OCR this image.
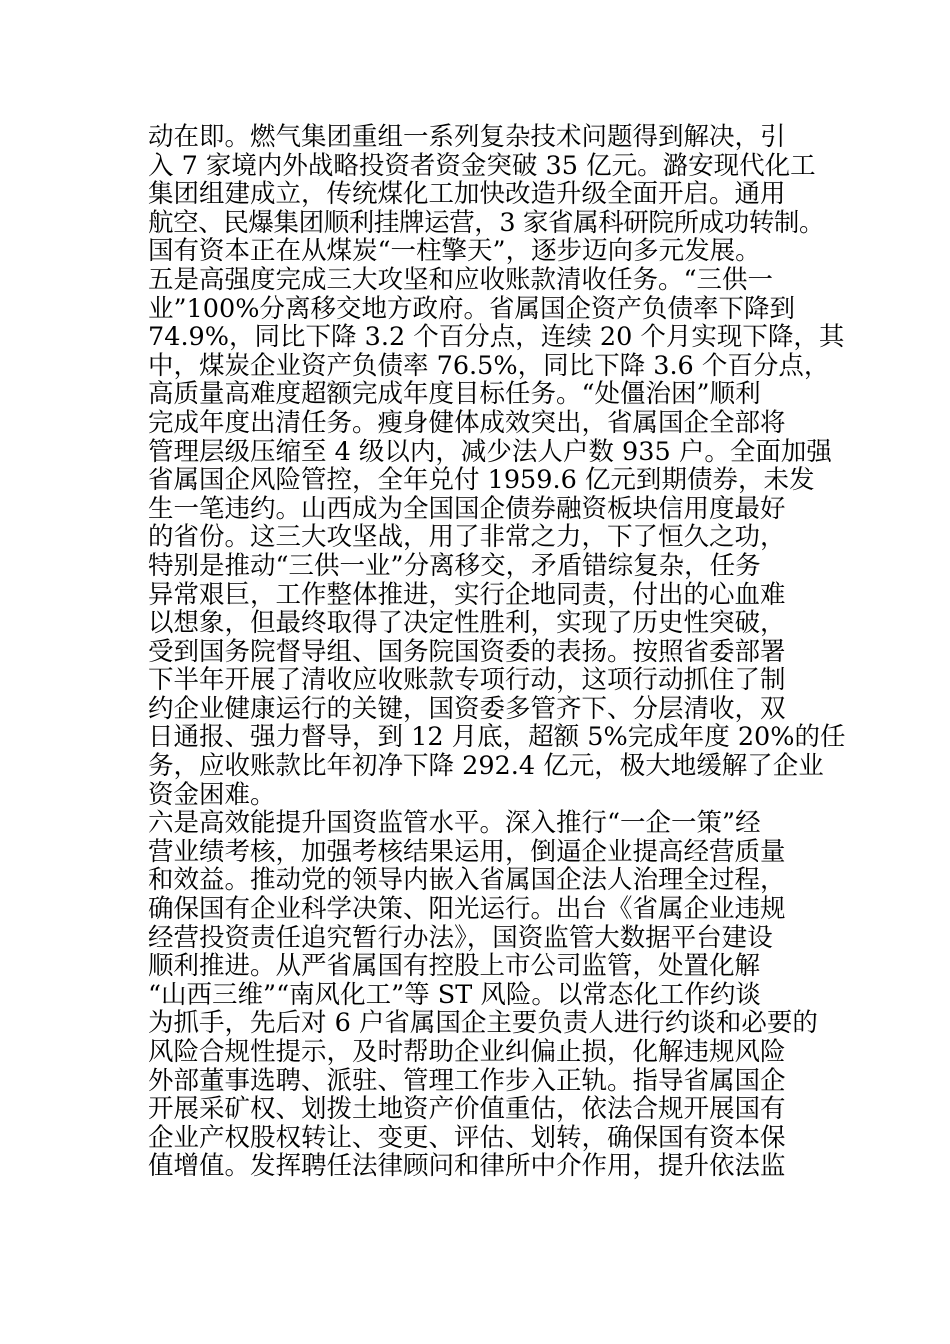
动在即。燃气集团重组一系列复杂技术问题得到解决，引
入 7 家境内外战略投资者资金突破 35 亿元。潞安现代化工
集团组建成立，传统煤化工加快改造升级全面开启。通用
航空、民爆集团顺利挂牌运营，3 家省属科研院所成功转制。
国有资本正在从煤炭“一柱擎天”，逐步迈向多元发展。
五是高强度完成三大攻坚和应收账款清收任务。“三供一
业”100%分离移交地方政府。省属国企资产负债率下降到
74.9%，同比下降 3.2 个百分点，连续 20 个月实现下降，其
中，煤炭企业资产负债率 76.5%，同比下降 3.6 个百分点，
高质量高难度超额完成年度目标任务。“处僵治困”顺利
完成年度出清任务。瘦身健体成效突出，省属国企全部将
管理层级压缩至 4 级以内，减少法人户数 935 户。全面加强
省属国企风险管控，全年兑付 1959.6 亿元到期债券，未发
生一笔违约。山西成为全国国企债券融资板块信用度最好
的省份。这三大攻坚战，用了非常之力，下了恒久之功，
特别是推动“三供一业”分离移交，矛盾错综复杂，任务
异常艰巨，工作整体推进，实行企地同责，付出的心血难
以想象，但最终取得了决定性胜利，实现了历史性突破，
受到国务院督导组、国务院国资委的表扬。按照省委部署
下半年开展了清收应收账款专项行动，这项行动抓住了制
约企业健康运行的关键，国资委多管齐下、分层清收，双
日通报、强力督导，到 12 月底，超额 5%完成年度 20%的任
务，应收账款比年初净下降 292.4 亿元，极大地缓解了企业
资金困难。
六是高效能提升国资监管水平。深入推行“一企一策”经
营业绩考核，加强考核结果运用，倒逼企业提高经营质量
和效益。推动党的领导内嵌入省属国企法人治理全过程，
确保国有企业科学决策、阳光运行。出台《省属企业违规
经营投资责任追究暂行办法》，国资监管大数据平台建设
顺利推进。从严省属国有控股上市公司监管，处置化解
“山西三维”“南风化工”等 ST 风险。以常态化工作约谈
为抓手，先后对 6 户省属国企主要负责人进行约谈和必要的
风险合规性提示，及时帮助企业纠偏止损，化解违规风险
外部董事选聘、派驻、管理工作步入正轨。指导省属国企
开展采矿权、划拨土地资产价值重估，依法合规开展国有
企业产权股权转让、变更、评估、划转，确保国有资本保
值增值。发挥聘任法律顾问和律所中介作用，提升依法监
